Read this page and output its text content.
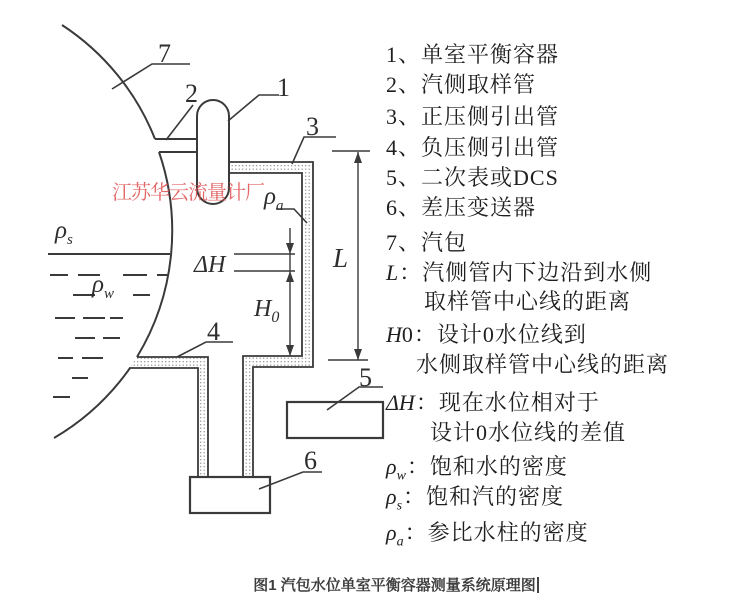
7
2	1
3
4
5
6
$\rho_s$
$\rho_w$
$\rho_a$
ΔH
$H_0$
L
江苏华云流量计厂
1、单室平衡容器
2、汽侧取样管
3、正压侧引出管
4、负压侧引出管
5、二次表或DCS
6、差压变送器
7、汽包
L：汽侧管内下边沿到水侧
取样管中心线的距离
H0：设计0水位线到
水侧取样管中心线的距离
ΔH：现在水位相对于
设计0水位线的差值
$\rho_w$：饱和水的密度
$\rho_s$：饱和汽的密度
$\rho_a$：参比水柱的密度
图1 汽包水位单室平衡容器测量系统原理图
